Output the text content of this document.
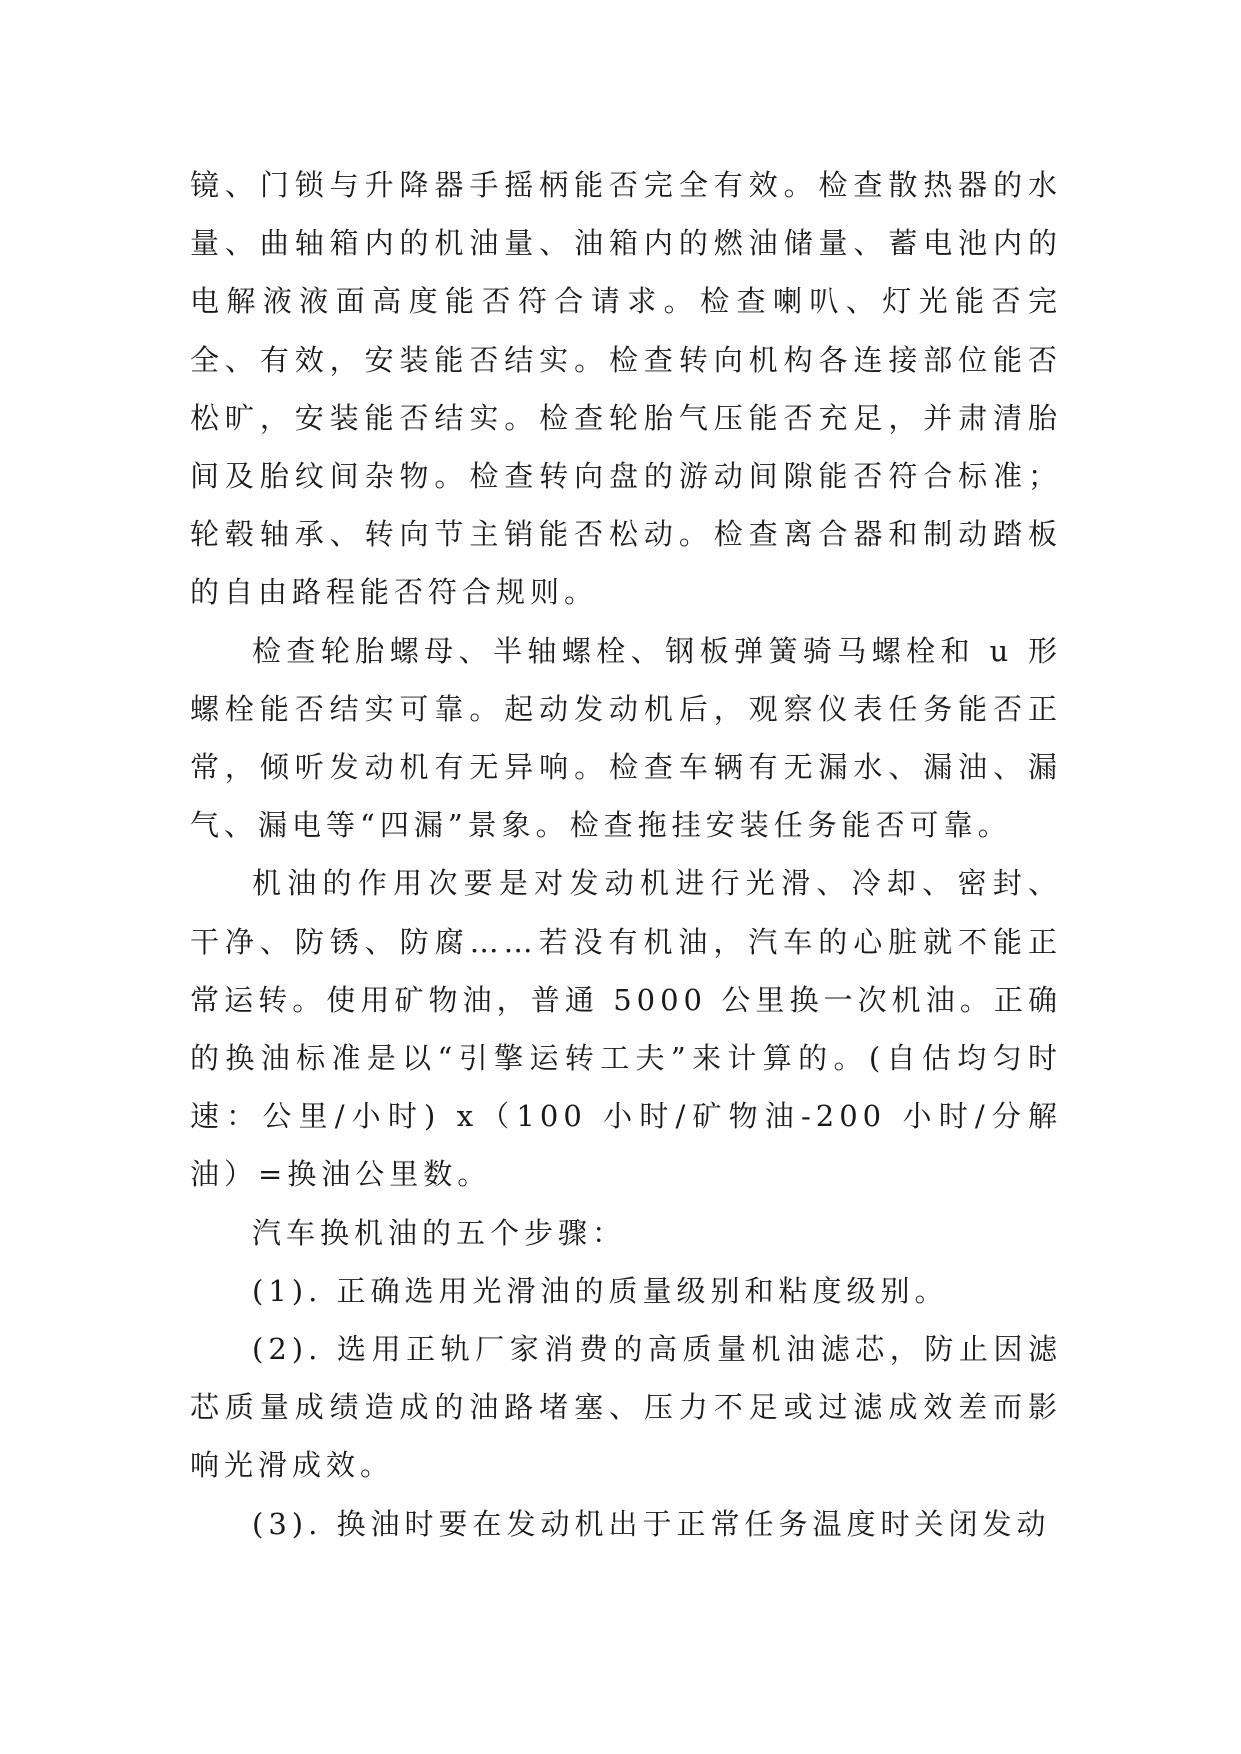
镜、门锁与升降器手摇柄能否完全有效。检查散热器的水量、曲轴箱内的机油量、油箱内的燃油储量、蓄电池内的电解液液面高度能否符合请求。检查喇叭、灯光能否完全、有效，安装能否结实。检查转向机构各连接部位能否松旷，安装能否结实。检查轮胎气压能否充足，并肃清胎间及胎纹间杂物。检查转向盘的游动间隙能否符合标准；轮毂轴承、转向节主销能否松动。检查离合器和制动踏板的自由路程能否符合规则。

检查轮胎螺母、半轴螺栓、钢板弹簧骑马螺栓和 u 形螺栓能否结实可靠。起动发动机后，观察仪表任务能否正常，倾听发动机有无异响。检查车辆有无漏水、漏油、漏气、漏电等“四漏”景象。检查拖挂安装任务能否可靠。

机油的作用次要是对发动机进行光滑、冷却、密封、干净、防锈、防腐……若没有机油，汽车的心脏就不能正常运转。使用矿物油，普通 5000 公里换一次机油。正确的换油标准是以“引擎运转工夫”来计算的。(自估均匀时速：公里/小时) x（100 小时/矿物油-200 小时/分解油）=换油公里数。

汽车换机油的五个步骤：

(1). 正确选用光滑油的质量级别和粘度级别。

(2). 选用正轨厂家消费的高质量机油滤芯，防止因滤芯质量成绩造成的油路堵塞、压力不足或过滤成效差而影响光滑成效。

(3). 换油时要在发动机出于正常任务温度时关闭发动
